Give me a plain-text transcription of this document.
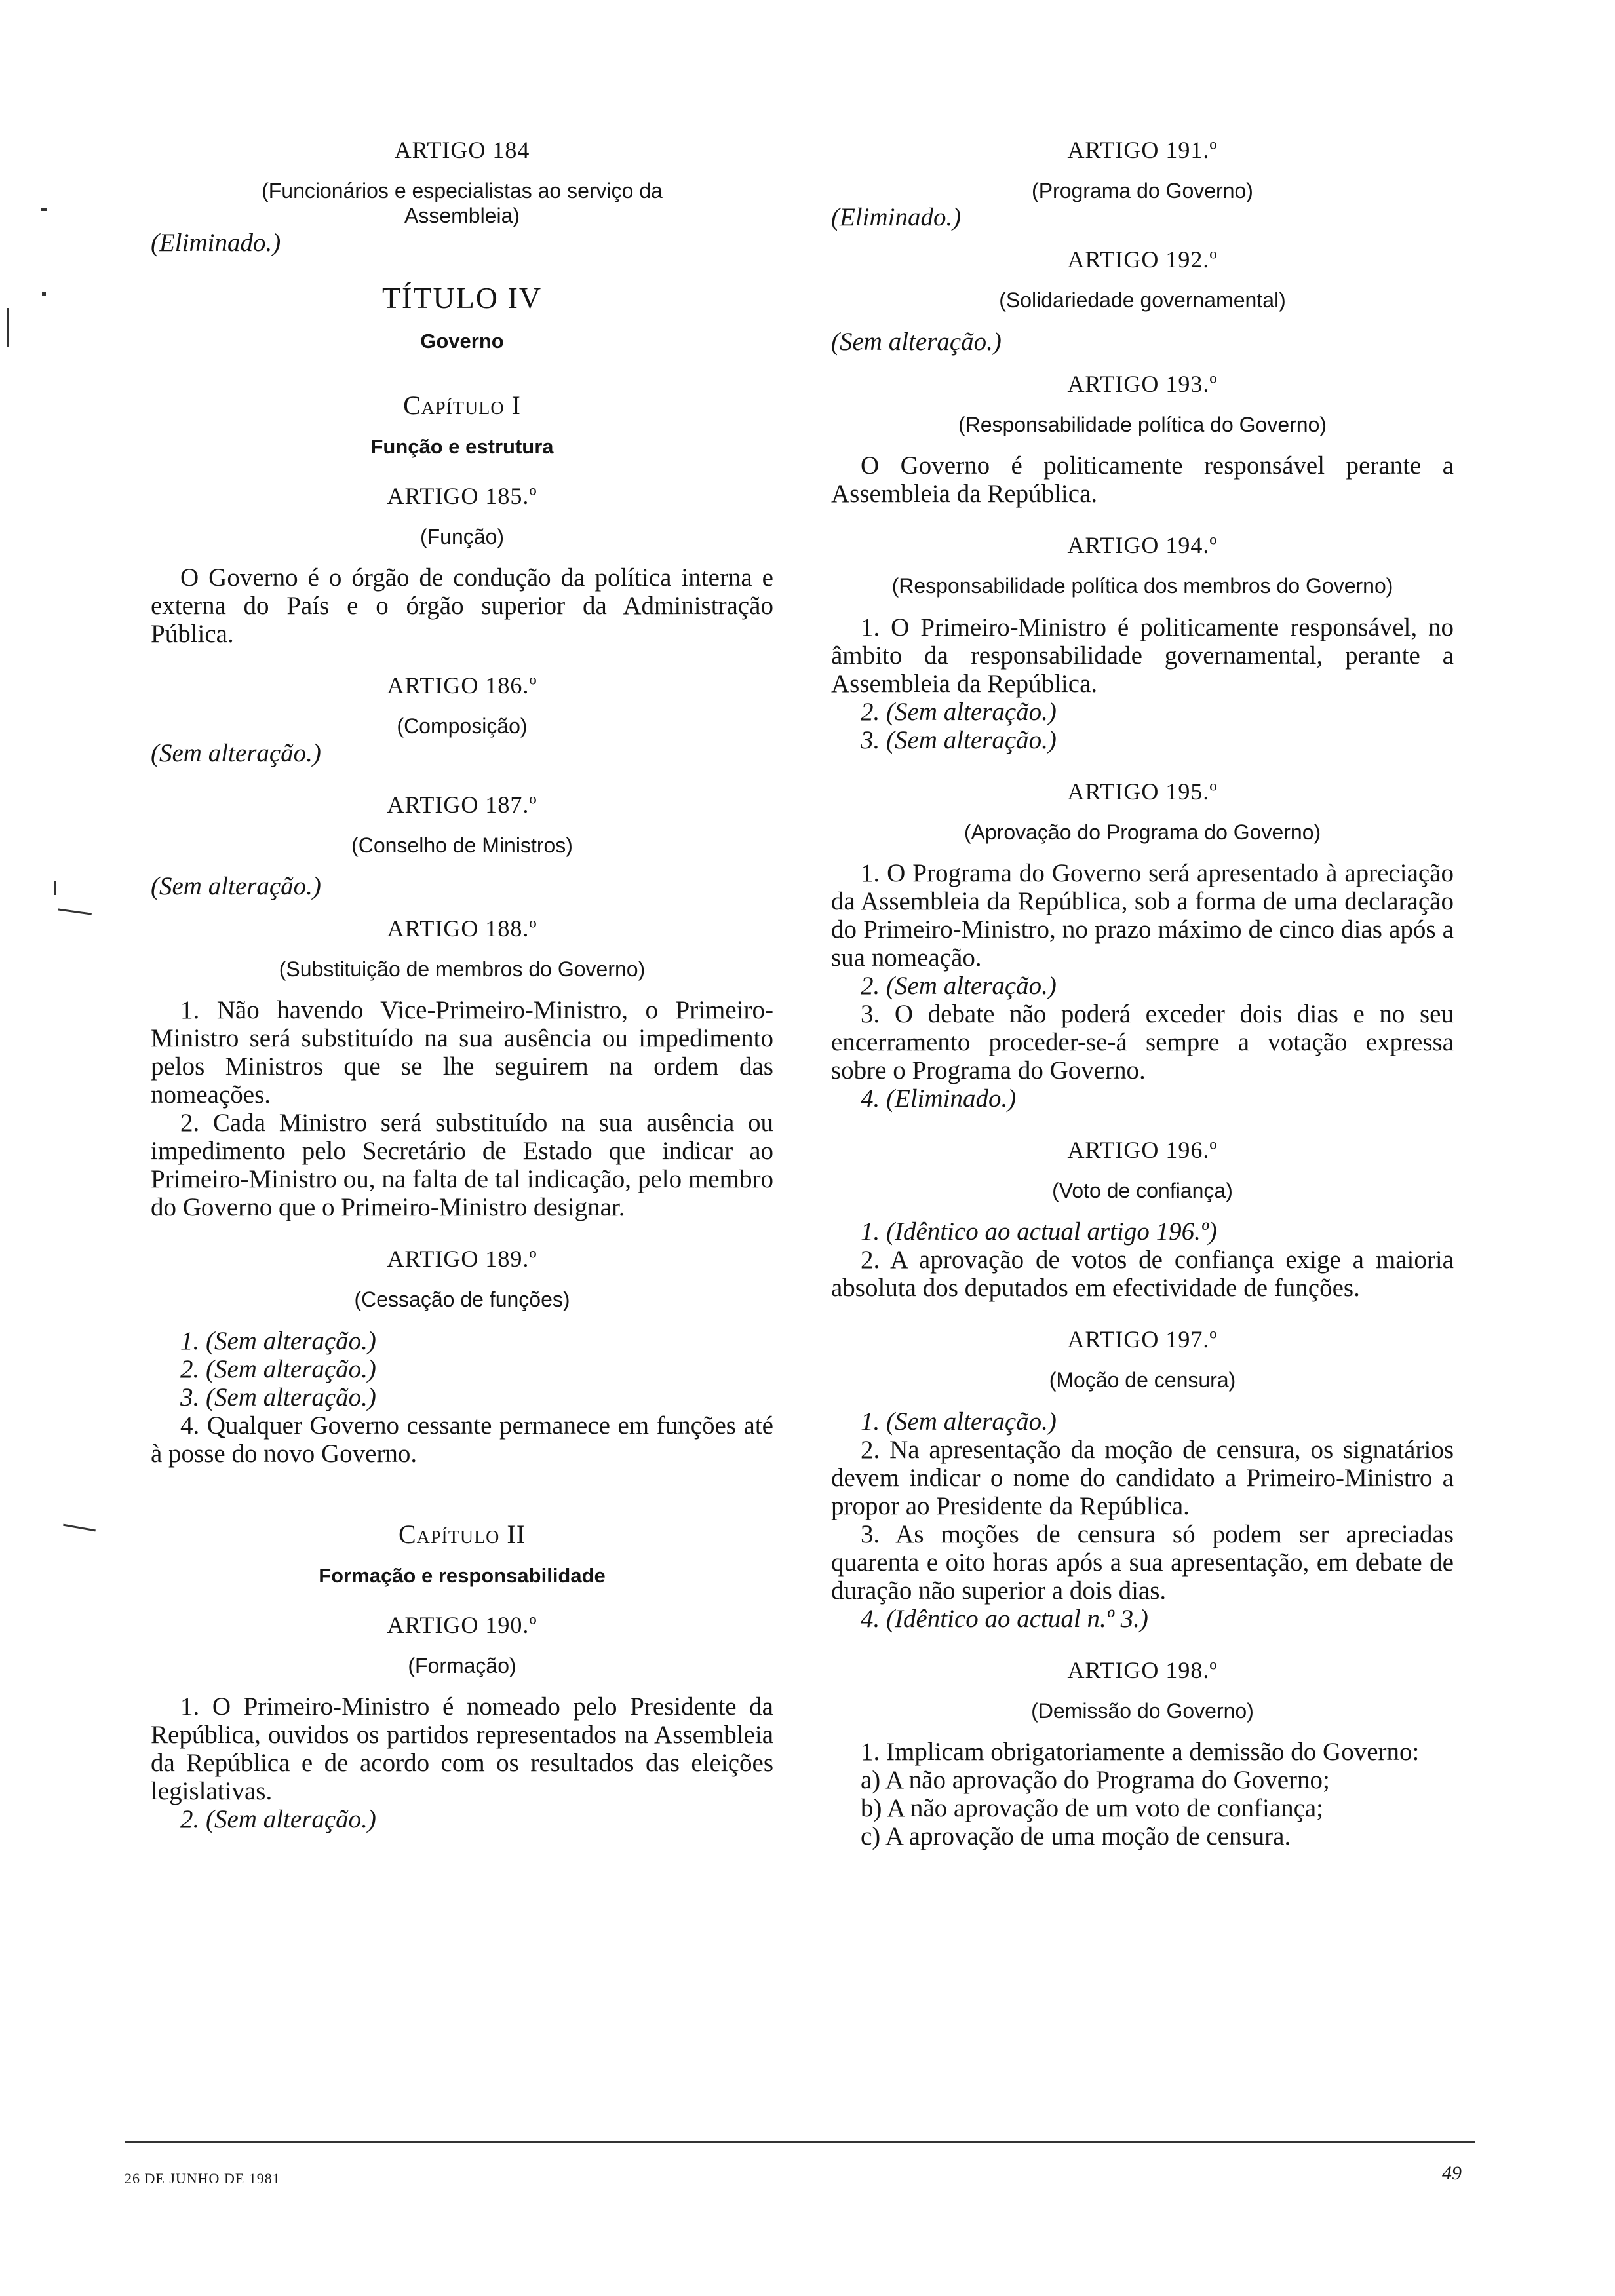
ARTIGO 184

(Funcionários e especialistas ao serviço da Assembleia)

(Eliminado.)

TÍTULO IV

Governo

Capítulo I

Função e estrutura

ARTIGO 185.º

(Função)

O Governo é o órgão de condução da política interna e externa do País e o órgão superior da Administração Pública.

ARTIGO 186.º

(Composição)

(Sem alteração.)

ARTIGO 187.º

(Conselho de Ministros)

(Sem alteração.)

ARTIGO 188.º

(Substituição de membros do Governo)

1. Não havendo Vice-Primeiro-Ministro, o Primeiro-Ministro será substituído na sua ausência ou impedimento pelos Ministros que se lhe seguirem na ordem das nomeações.

2. Cada Ministro será substituído na sua ausência ou impedimento pelo Secretário de Estado que indicar ao Primeiro-Ministro ou, na falta de tal indicação, pelo membro do Governo que o Primeiro-Ministro designar.

ARTIGO 189.º

(Cessação de funções)

1. (Sem alteração.)

2. (Sem alteração.)

3. (Sem alteração.)

4. Qualquer Governo cessante permanece em funções até à posse do novo Governo.

Capítulo II

Formação e responsabilidade

ARTIGO 190.º

(Formação)

1. O Primeiro-Ministro é nomeado pelo Presidente da República, ouvidos os partidos representados na Assembleia da República e de acordo com os resultados das eleições legislativas.

2. (Sem alteração.)

ARTIGO 191.º

(Programa do Governo)

(Eliminado.)

ARTIGO 192.º

(Solidariedade governamental)

(Sem alteração.)

ARTIGO 193.º

(Responsabilidade política do Governo)

O Governo é politicamente responsável perante a Assembleia da República.

ARTIGO 194.º

(Responsabilidade política dos membros do Governo)

1. O Primeiro-Ministro é politicamente responsável, no âmbito da responsabilidade governamental, perante a Assembleia da República.

2. (Sem alteração.)

3. (Sem alteração.)

ARTIGO 195.º

(Aprovação do Programa do Governo)

1. O Programa do Governo será apresentado à apreciação da Assembleia da República, sob a forma de uma declaração do Primeiro-Ministro, no prazo máximo de cinco dias após a sua nomeação.

2. (Sem alteração.)

3. O debate não poderá exceder dois dias e no seu encerramento proceder-se-á sempre a votação expressa sobre o Programa do Governo.

4. (Eliminado.)

ARTIGO 196.º

(Voto de confiança)

1. (Idêntico ao actual artigo 196.º)

2. A aprovação de votos de confiança exige a maioria absoluta dos deputados em efectividade de funções.

ARTIGO 197.º

(Moção de censura)

1. (Sem alteração.)

2. Na apresentação da moção de censura, os signatários devem indicar o nome do candidato a Primeiro-Ministro a propor ao Presidente da República.

3. As moções de censura só podem ser apreciadas quarenta e oito horas após a sua apresentação, em debate de duração não superior a dois dias.

4. (Idêntico ao actual n.º 3.)

ARTIGO 198.º

(Demissão do Governo)

1. Implicam obrigatoriamente a demissão do Governo:

a) A não aprovação do Programa do Governo;

b) A não aprovação de um voto de confiança;

c) A aprovação de uma moção de censura.

26 DE JUNHO DE 1981	49
